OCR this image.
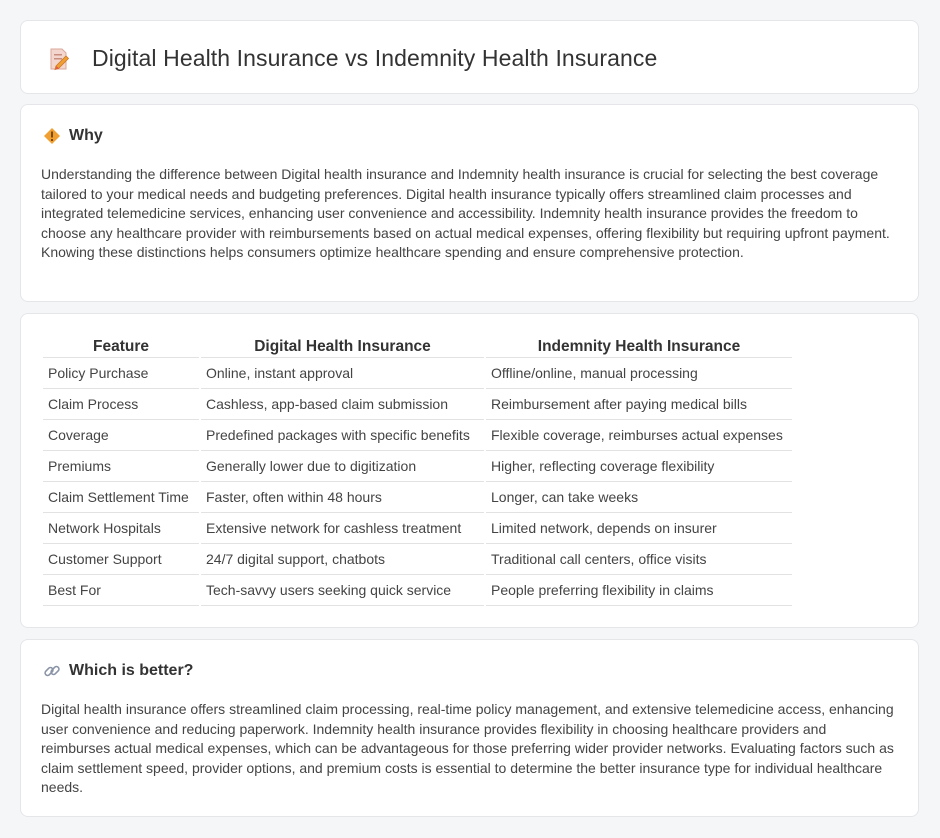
Digital Health Insurance vs Indemnity Health Insurance
Why

Understanding the difference between Digital health insurance and Indemnity health insurance is crucial for selecting the best coverage tailored to your medical needs and budgeting preferences. Digital health insurance typically offers streamlined claim processes and integrated telemedicine services, enhancing user convenience and accessibility. Indemnity health insurance provides the freedom to choose any healthcare provider with reimbursements based on actual medical expenses, offering flexibility but requiring upfront payment. Knowing these distinctions helps consumers optimize healthcare spending and ensure comprehensive protection.

Feature	Digital Health Insurance	Indemnity Health Insurance
Policy Purchase	Online, instant approval	Offline/online, manual processing
Claim Process	Cashless, app-based claim submission	Reimbursement after paying medical bills
Coverage	Predefined packages with specific benefits	Flexible coverage, reimburses actual expenses
Premiums	Generally lower due to digitization	Higher, reflecting coverage flexibility
Claim Settlement Time	Faster, often within 48 hours	Longer, can take weeks
Network Hospitals	Extensive network for cashless treatment	Limited network, depends on insurer
Customer Support	24/7 digital support, chatbots	Traditional call centers, office visits
Best For	Tech-savvy users seeking quick service	People preferring flexibility in claims
Which is better?

Digital health insurance offers streamlined claim processing, real-time policy management, and extensive telemedicine access, enhancing user convenience and reducing paperwork. Indemnity health insurance provides flexibility in choosing healthcare providers and reimburses actual medical expenses, which can be advantageous for those preferring wider provider networks. Evaluating factors such as claim settlement speed, provider options, and premium costs is essential to determine the better insurance type for individual healthcare needs.
